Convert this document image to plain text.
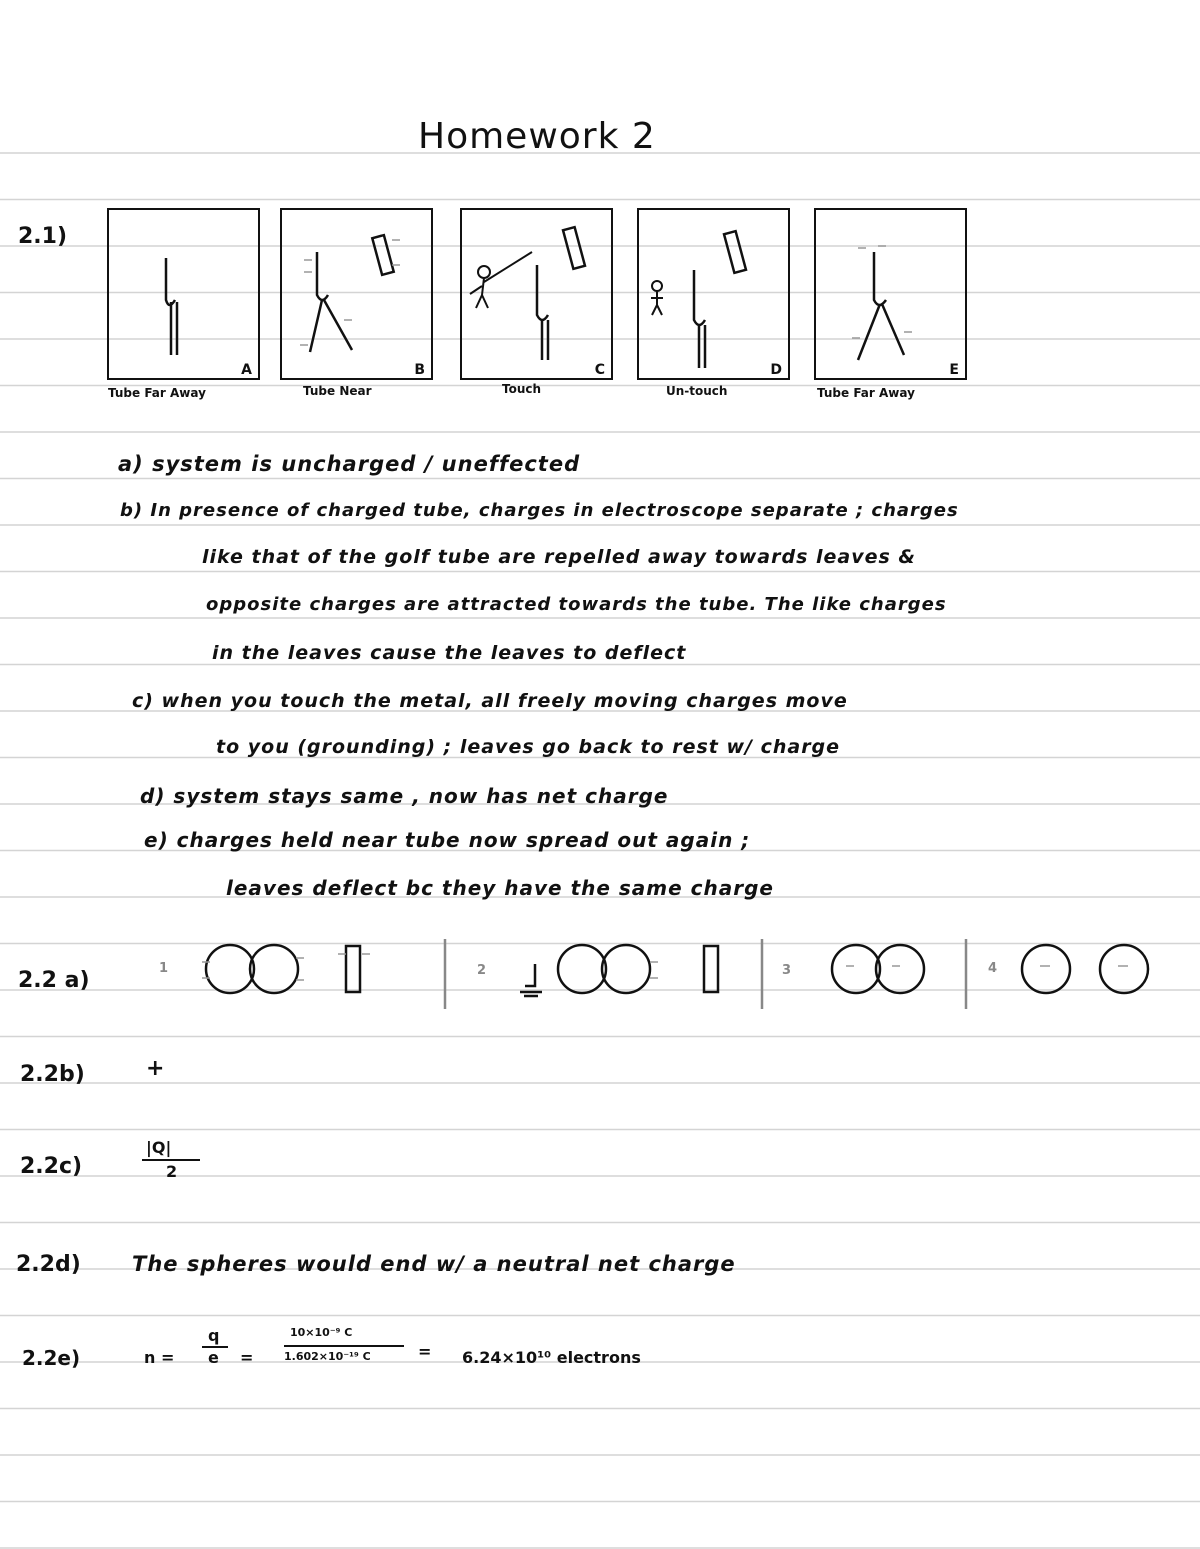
Homework 2
2.1)
A	B	C	D	E
Tube Far Away	Tube Near	Touch	Un-touch	Tube Far Away
a) system is uncharged / uneffected
b) In presence of charged tube, charges in electroscope separate ; charges
like that of the golf tube are repelled away towards leaves &
opposite charges are attracted towards the tube. The like charges
in the leaves cause the leaves to deflect
c) when you touch the metal, all freely moving charges move
to you (grounding) ; leaves go back to rest w/ charge
d) system stays same , now has net charge
e) charges held near tube now spread out again ;
leaves deflect bc they have the same charge
2.2 a)	1	2	3	4
2.2b)	+
2.2c)
|Q|
2
2.2d) The spheres would end w/ a neutral net charge
2.2e)	n =
q
e =
10×10⁻⁹ C
1.602×10⁻¹⁹ C	= 6.24×10¹⁰ electrons
